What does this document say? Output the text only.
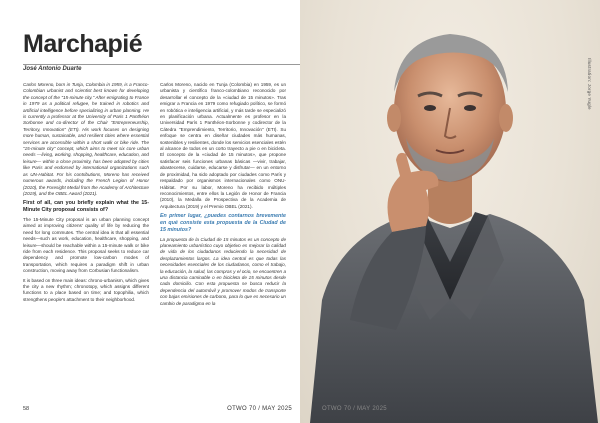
Marchapié
José Antonio Duarte

Carlos Moreno, born in Tunja, Colombia in 1959, is a Franco-Colombian urbanist and scientist best known for developing the concept of the "15-minute city." After emigrating to France in 1979 as a political refugee, he trained in robotics and artificial intelligence before specializing in urban planning. He is currently a professor at the University of Paris 1 Panthéon Sorbonne and co-director of the Chair "Entrepreneurship, Territory, Innovation" (ETI). His work focuses on designing more human, sustainable, and resilient cities where essential services are accessible within a short walk or bike ride. The "15-minute city" concept, which aims to meet six core urban needs —living, working, shopping, healthcare, education, and leisure— within a close proximity, has been adopted by cities like Paris and endorsed by international organizations such as UN-Habitat. For his contributions, Moreno has received numerous awards, including the French Legion of Honor (2010), the Foresight Medal from the Academy of Architecture (2019), and the OBEL Award (2021).

First of all, can you briefly explain what the 15-Minute City proposal consists of?

The 15-Minute City proposal is an urban planning concept aimed at improving citizens' quality of life by reducing the need for long commutes. The central idea is that all essential needs—such as work, education, healthcare, shopping, and leisure—should be reachable within a 15-minute walk or bike ride from each residence. This proposal seeks to reduce car dependency and promote low-carbon modes of transportation, which requires a paradigm shift in urban construction, moving away from Corbusian functionalism.

It is based on three main ideas: chrono-urbanism, which gives the city a new rhythm; chronotopy, which assigns different functions to a place based on time; and topophilia, which strengthens people's attachment to their neighborhood.

Carlos Moreno, nacido en Tunja (Colombia) en 1959, es un urbanista y científico franco-colombiano reconocido por desarrollar el concepto de la «ciudad de 15 minutos». Tras emigrar a Francia en 1979 como refugiado político, se formó en robótica e inteligencia artificial, y más tarde se especializó en planificación urbana. Actualmente es profesor en la Universidad París 1 Panthéon-Sorbonne y codirector de la Cátedra "Emprendimiento, Territorio, Innovación" (ETI). Su enfoque se centra en diseñar ciudades más humanas, sostenibles y resilientes, donde los servicios esenciales estén al alcance de todos en un corto trayecto a pie o en bicicleta. El concepto de la «ciudad de 15 minutos», que propone satisfacer seis funciones urbanas básicas —vivir, trabajar, abastecerse, cuidarse, educarse y disfrutar— en un entorno de proximidad, ha sido adoptado por ciudades como París y respaldado por organismos internacionales como ONU-Hábitat. Por su labor, Moreno ha recibido múltiples reconocimientos, entre ellos la Legión de Honor de Francia (2010), la Medalla de Prospectiva de la Academia de Arquitectura (2019) y el Premio OBEL (2021).

En primer lugar, ¿puedes contarnos brevemente en qué consiste esta propuesta de la Ciudad de 15 minutos?

La propuesta de la Ciudad de 15 minutos es un concepto de planeamiento urbanístico cuyo objetivo es mejorar la calidad de vida de los ciudadanos reduciendo la necesidad de desplazamientos largos. La idea central es que todas las necesidades esenciales de los ciudadanos, como el trabajo, la educación, la salud, las compras y el ocio, se encuentren a una distancia caminable o en bicicleta de 15 minutos desde cada domicilio. Con esta propuesta se busca reducir la dependencia del automóvil y promover modos de transporte con bajas emisiones de carbono, para lo que es necesario un cambio de paradigma en la

58	OTWO 70 / MAY 2025
Illustration: Jorge Yugle
OTWO 70 / MAY 2025
